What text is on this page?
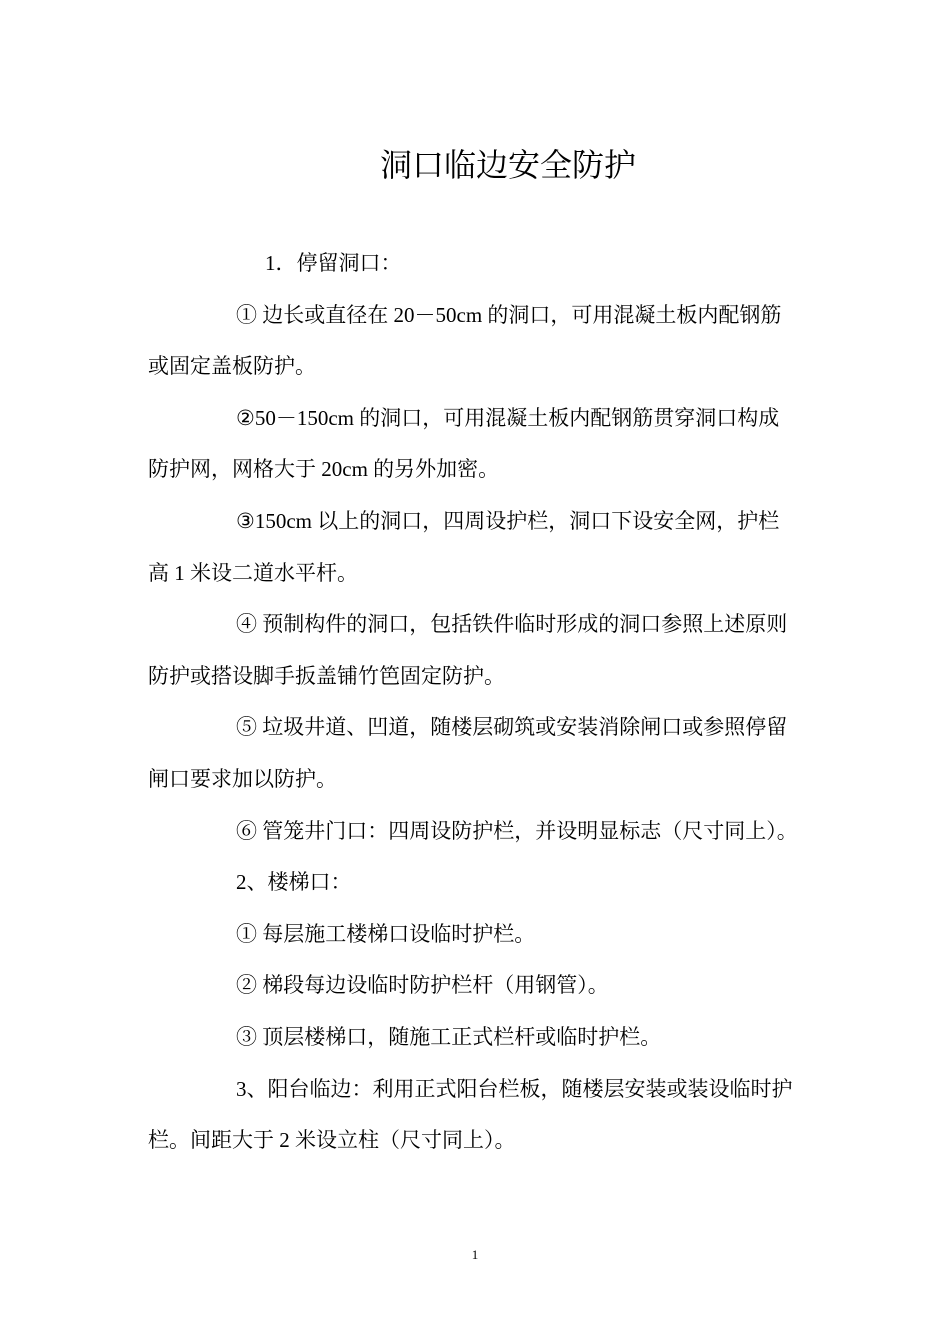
洞口临边安全防护

1．停留洞口：

① 边长或直径在 20－50cm 的洞口，可用混凝土板内配钢筋或固定盖板防护。

②50－150cm 的洞口，可用混凝土板内配钢筋贯穿洞口构成防护网，网格大于 20cm 的另外加密。

③150cm 以上的洞口，四周设护栏，洞口下设安全网，护栏高 1 米设二道水平杆。

④ 预制构件的洞口，包括铁件临时形成的洞口参照上述原则防护或搭设脚手扳盖铺竹笆固定防护。

⑤ 垃圾井道、凹道，随楼层砌筑或安装消除闸口或参照停留闸口要求加以防护。

⑥ 管笼井门口：四周设防护栏，并设明显标志（尺寸同上）。

2、楼梯口：

① 每层施工楼梯口设临时护栏。

② 梯段每边设临时防护栏杆（用钢管）。

③ 顶层楼梯口，随施工正式栏杆或临时护栏。

3、阳台临边：利用正式阳台栏板，随楼层安装或装设临时护栏。间距大于 2 米设立柱（尺寸同上）。

1
